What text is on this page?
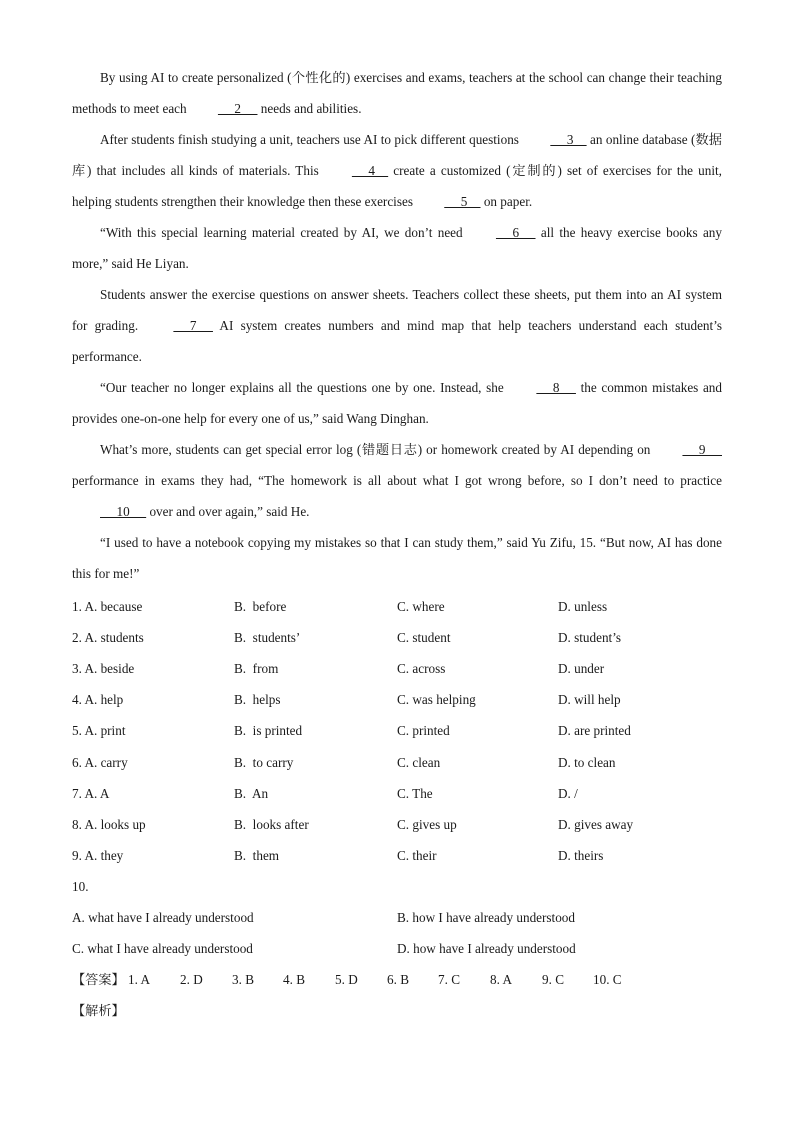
By using AI to create personalized (个性化的) exercises and exams, teachers at the school can change their teaching methods to meet each      2      needs and abilities.

After students finish studying a unit, teachers use AI to pick different questions      3     an online database (数据库) that includes all kinds of materials. This      4     create a customized (定制的) set of exercises for the unit, helping students strengthen their knowledge then these exercises      5     on paper.

“With this special learning material created by AI, we don’t need      6      all the heavy exercise books any more,” said He Liyan.

Students answer the exercise questions on answer sheets. Teachers collect these sheets, put them into an AI system for grading.      7      AI system creates numbers and mind map that help teachers understand each student’s performance.

“Our teacher no longer explains all the questions one by one. Instead, she      8      the common mistakes and provides one-on-one help for every one of us,” said Wang Dinghan.

What’s more, students can get special error log (错题日志) or homework created by AI depending on      9      performance in exams they had, “The homework is all about what I got wrong before, so I don’t need to practice      10      over and over again,” said He.

“I used to have a notebook copying my mistakes so that I can study them,” said Yu Zifu, 15. “But now, AI has done this for me!”

1. A. because	B.  before	C. where	D. unless
2. A. students	B.  students’	C. student	D. student’s
3. A. beside	B.  from	C. across	D. under
4. A. help	B.  helps	C. was helping	D. will help
5. A. print	B.  is printed	C. printed	D. are printed
6. A. carry	B.  to carry	C. clean	D. to clean
7. A. A	B.  An	C. The	D. /
8. A. looks up	B.  looks after	C. gives up	D. gives away
9. A. they	B.  them	C. their	D. theirs
10.
A. what have I already understood	B. how I have already understood
C. what I have already understood	D. how have I already understood
【答案】 1. A 2. D 3. B 4. B 5. D 6. B 7. C 8. A 9. C 10. C
【解析】
